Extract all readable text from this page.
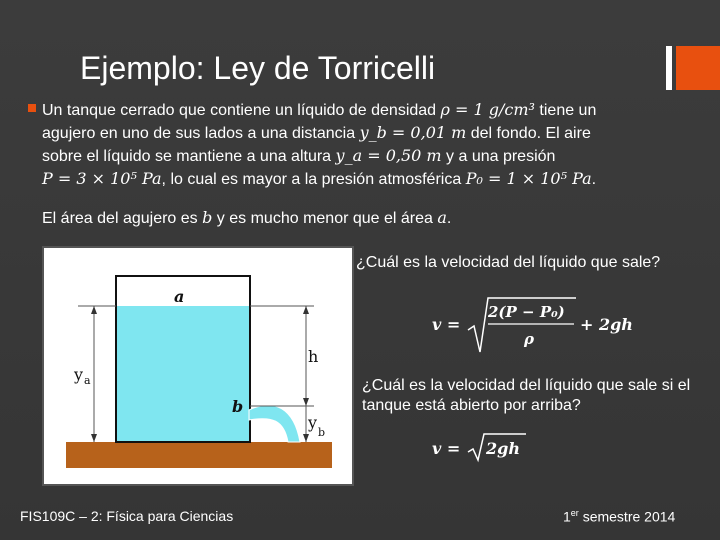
Ejemplo: Ley de Torricelli
Un tanque cerrado que contiene un líquido de densidad ρ = 1 g/cm³ tiene un
agujero en uno de sus lados a una distancia y_b = 0,01 m del fondo. El aire
sobre el líquido se mantiene a una altura y_a = 0,50 m y a una presión
P = 3 × 10⁵ Pa, lo cual es mayor a la presión atmosférica P₀ = 1 × 10⁵ Pa.
El área del agujero es b y es mucho menor que el área a.
a
b
h
y a
y
b
¿Cuál es la velocidad del líquido que sale?
v =
2(P − P₀)
ρ
+ 2gh
¿Cuál es la velocidad del líquido que sale si el tanque está abierto por arriba?
v = 2gh
FIS109C – 2: Física para Ciencias	1er semestre 2014
